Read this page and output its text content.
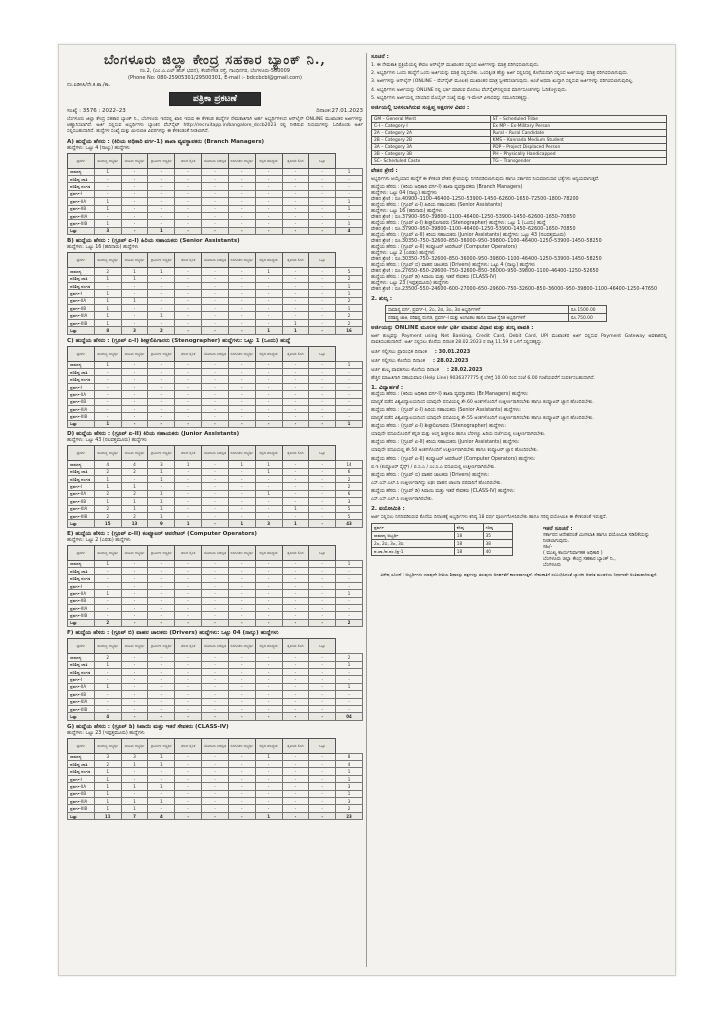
ಬೆಂಗಳೂರು ಜಿಲ್ಲಾ ಕೇಂದ್ರ ಸಹಕಾರ ಬ್ಯಾಂಕ್ ನಿ.,
ನಂ.2, (ಎಂ.ಎ.ಎಲ್ ಹೆಚ್ ಭವನ), ಕೆಂಪೇಗೌಡ ರಸ್ತೆ, ಗಾಂಧಿನಗರ, ಬೆಂಗಳೂರು-560009
(Phone No: 080-25905301/29500301, E-mail :- bdccbcbl@gmail.com)
ನಂ.ಐಡಿಸಿಸಿ/ನೇ.ಕ.ಶಾ./ಕಾ.
ಪತ್ರಿಕಾ ಪ್ರಕಟಣೆ
ಸಂಖ್ಯೆ : 3576 : 2022–23	ದಿನಾಂಕ:27.01.2023
ಬೆಂಗಳೂರು ಜಿಲ್ಲಾ ಕೇಂದ್ರ ಸಹಕಾರ ಬ್ಯಾಂಕ್ ನಿ., ಬೆಂಗಳೂರು ಇದರಲ್ಲಿ ಖಾಲಿ ಇರುವ ಈ ಕೆಳಕಂಡ ಹುದ್ದೆಗಳ ನೇಮಕಾತಿಗಾಗಿ ಅರ್ಹ ಅಭ್ಯರ್ಥಿಗಳಿಂದ ಆನ್‌ಲೈನ್ ONLINE ಮುಖಾಂತರ ಅರ್ಜಿಗಳನ್ನು ಆಹ್ವಾನಿಸಲಾಗಿದೆ. ಅರ್ಜಿ ಸಲ್ಲಿಸುವ ಅಭ್ಯರ್ಥಿಗಳು ಬ್ಯಾಂಕಿನ ವೆಬ್‌ಸೈಟ್ http://recruitapp.in/bangalore_dccb2023 ರಲ್ಲಿ ನೀಡಿರುವ ನಿಯಮಗಳನ್ನು ಓದಿಕೊಂಡು ಅರ್ಜಿ ಸಲ್ಲಿಸಬಹುದಾಗಿದೆ. ಹುದ್ದೆಗಳ ಸಂಖ್ಯೆ ಮತ್ತು ಮೀಸಲಾತಿ ವಿವರಗಳನ್ನು ಈ ಕೆಳಕಂಡಂತೆ ನೀಡಲಾಗಿದೆ.
A) ಹುದ್ದೆಯ ಹೆಸರು : (ಕಿರಿಯ ಅಧಿಕಾರಿ ವರ್ಗ-1) ಶಾಖಾ ವ್ಯವಸ್ಥಾಪಕರು (Branch Managers)
ಹುದ್ದೆಗಳು: ಒಟ್ಟು 4 (ನಾಲ್ಕು) ಹುದ್ದೆಗಳು
ಪ್ರವರ್ಗ	ಸಾಮಾನ್ಯ ಅಭ್ಯರ್ಥಿ	ಮಹಿಳಾ ಅಭ್ಯರ್ಥಿ	ಗ್ರಾಮೀಣ ಅಭ್ಯರ್ಥಿ	ಮಾಜಿ ಸೈನಿಕ	ಯೋಜನಾ ನಿರಾಶ್ರಿತ	ಅಂಗವಿಕಲ ಅಭ್ಯರ್ಥಿ	ಕನ್ನಡ ಮಾಧ್ಯಮ	ತೃತೀಯ ಲಿಂಗಿ	ಒಟ್ಟು	
ಸಾಮಾನ್ಯ	1	-	-	-	-	-	-	-	-	1
ಪರಿಶಿಷ್ಟ ಜಾತಿ	-	-	-	-	-	-	-	-	-	-
ಪರಿಶಿಷ್ಟ ಪಂಗಡ	-	-	-	-	-	-	-	-	-	-
ಪ್ರವರ್ಗ-I	-	-	-	-	-	-	-	-	-	-
ಪ್ರವರ್ಗ-IIA	1	-	-	-	-	-	-	-	-	1
ಪ್ರವರ್ಗ-IIB	1	-	-	-	-	-	-	-	-	1
ಪ್ರವರ್ಗ-IIIA	-	-	-	-	-	-	-	-	-	-
ಪ್ರವರ್ಗ-IIIB	1	-	-	-	-	-	-	-	-	1
ಒಟ್ಟು	3	-	1	-	-	-	-	-	-	4
B) ಹುದ್ದೆಯ ಹೆಸರು : (ಗ್ರೂಪ್ ಏ-I) ಹಿರಿಯ ಸಹಾಯಕರು (Senior Assistants)
ಹುದ್ದೆಗಳು: ಒಟ್ಟು 16 (ಹದಿನಾರು) ಹುದ್ದೆಗಳು
ಪ್ರವರ್ಗ	ಸಾಮಾನ್ಯ ಅಭ್ಯರ್ಥಿ	ಮಹಿಳಾ ಅಭ್ಯರ್ಥಿ	ಗ್ರಾಮೀಣ ಅಭ್ಯರ್ಥಿ	ಮಾಜಿ ಸೈನಿಕ	ಯೋಜನಾ ನಿರಾಶ್ರಿತ	ಅಂಗವಿಕಲ ಅಭ್ಯರ್ಥಿ	ಕನ್ನಡ ಮಾಧ್ಯಮ	ತೃತೀಯ ಲಿಂಗಿ	ಒಟ್ಟು	
ಸಾಮಾನ್ಯ	2	1	1	-	-	-	1	-	-	5
ಪರಿಶಿಷ್ಟ ಜಾತಿ	1	1	-	-	-	-	-	-	-	2
ಪರಿಶಿಷ್ಟ ಪಂಗಡ	-	-	-	-	-	-	-	-	-	1
ಪ್ರವರ್ಗ-I	1	-	-	-	-	-	-	-	-	1
ಪ್ರವರ್ಗ-IIA	1	1	-	-	-	-	-	-	-	2
ಪ್ರವರ್ಗ-IIB	1	-	-	-	-	-	-	-	-	1
ಪ್ರವರ್ಗ-IIIA	1	-	1	-	-	-	-	-	-	2
ಪ್ರವರ್ಗ-IIIB	1	-	-	-	-	-	-	1	-	2
ಒಟ್ಟು	8	3	2	-	-	-	1	1	-	16
C) ಹುದ್ದೆಯ ಹೆಸರು : (ಗ್ರೂಪ್ ಏ-I) ಶೀಘ್ರಲಿಪಿಗಾರರು (Stenographer) ಹುದ್ದೆಗಳು: ಒಟ್ಟು 1 (ಒಂದು) ಹುದ್ದೆ
ಪ್ರವರ್ಗ	ಸಾಮಾನ್ಯ ಅಭ್ಯರ್ಥಿ	ಮಹಿಳಾ ಅಭ್ಯರ್ಥಿ	ಗ್ರಾಮೀಣ ಅಭ್ಯರ್ಥಿ	ಮಾಜಿ ಸೈನಿಕ	ಯೋಜನಾ ನಿರಾಶ್ರಿತ	ಅಂಗವಿಕಲ ಅಭ್ಯರ್ಥಿ	ಕನ್ನಡ ಮಾಧ್ಯಮ	ತೃತೀಯ ಲಿಂಗಿ	ಒಟ್ಟು	
ಸಾಮಾನ್ಯ	1	-	-	-	-	-	-	-	-	1
ಪರಿಶಿಷ್ಟ ಜಾತಿ	-	-	-	-	-	-	-	-	-	-
ಪರಿಶಿಷ್ಟ ಪಂಗಡ	-	-	-	-	-	-	-	-	-	-
ಪ್ರವರ್ಗ-I	-	-	-	-	-	-	-	-	-	-
ಪ್ರವರ್ಗ-IIA	-	-	-	-	-	-	-	-	-	-
ಪ್ರವರ್ಗ-IIB	-	-	-	-	-	-	-	-	-	-
ಪ್ರವರ್ಗ-IIIA	-	-	-	-	-	-	-	-	-	-
ಪ್ರವರ್ಗ-IIIB	-	-	-	-	-	-	-	-	-	-
ಒಟ್ಟು	1	-	-	-	-	-	-	-	-	1
D) ಹುದ್ದೆಯ ಹೆಸರು : (ಗ್ರೂಪ್ ಏ-II) ಕಿರಿಯ ಸಹಾಯಕರು (Junior Assistants)
ಹುದ್ದೆಗಳು: ಒಟ್ಟು 43 (ನಲವತ್ತಮೂರು) ಹುದ್ದೆಗಳು
ಪ್ರವರ್ಗ	ಸಾಮಾನ್ಯ ಅಭ್ಯರ್ಥಿ	ಮಹಿಳಾ ಅಭ್ಯರ್ಥಿ	ಗ್ರಾಮೀಣ ಅಭ್ಯರ್ಥಿ	ಮಾಜಿ ಸೈನಿಕ	ಯೋಜನಾ ನಿರಾಶ್ರಿತ	ಅಂಗವಿಕಲ ಅಭ್ಯರ್ಥಿ	ಕನ್ನಡ ಮಾಧ್ಯಮ	ತೃತೀಯ ಲಿಂಗಿ	ಒಟ್ಟು	
ಸಾಮಾನ್ಯ	4	4	3	1	-	1	1	-	-	14
ಪರಿಶಿಷ್ಟ ಜಾತಿ	2	2	1	-	-	-	1	-	-	6
ಪರಿಶಿಷ್ಟ ಪಂಗಡ	1	-	1	-	-	-	-	-	-	2
ಪ್ರವರ್ಗ-I	1	1	-	-	-	-	-	-	-	2
ಪ್ರವರ್ಗ-IIA	2	2	1	-	-	-	1	-	-	6
ಪ್ರವರ್ಗ-IIB	1	1	1	-	-	-	-	-	-	3
ಪ್ರವರ್ಗ-IIIA	2	1	1	-	-	-	-	1	-	5
ಪ್ರವರ್ಗ-IIIB	2	2	1	-	-	-	-	-	-	5
ಒಟ್ಟು	15	13	9	1	-	1	3	1	-	43
E) ಹುದ್ದೆಯ ಹೆಸರು : (ಗ್ರೂಪ್ ಏ-II) ಕಂಪ್ಯೂಟರ್ ಆಪರೇಟರ್ (Computer Operators)
ಹುದ್ದೆಗಳು: ಒಟ್ಟು 2 (ಎರಡು) ಹುದ್ದೆಗಳು
ಪ್ರವರ್ಗ	ಸಾಮಾನ್ಯ ಅಭ್ಯರ್ಥಿ	ಮಹಿಳಾ ಅಭ್ಯರ್ಥಿ	ಗ್ರಾಮೀಣ ಅಭ್ಯರ್ಥಿ	ಮಾಜಿ ಸೈನಿಕ	ಯೋಜನಾ ನಿರಾಶ್ರಿತ	ಅಂಗವಿಕಲ ಅಭ್ಯರ್ಥಿ	ಕನ್ನಡ ಮಾಧ್ಯಮ	ತೃತೀಯ ಲಿಂಗಿ	ಒಟ್ಟು	
ಸಾಮಾನ್ಯ	1	-	-	-	-	-	-	-	-	1
ಪರಿಶಿಷ್ಟ ಜಾತಿ	-	-	-	-	-	-	-	-	-	-
ಪರಿಶಿಷ್ಟ ಪಂಗಡ	-	-	-	-	-	-	-	-	-	-
ಪ್ರವರ್ಗ-I	-	-	-	-	-	-	-	-	-	-
ಪ್ರವರ್ಗ-IIA	1	-	-	-	-	-	-	-	-	1
ಪ್ರವರ್ಗ-IIB	-	-	-	-	-	-	-	-	-	-
ಪ್ರವರ್ಗ-IIIA	-	-	-	-	-	-	-	-	-	-
ಪ್ರವರ್ಗ-IIIB	-	-	-	-	-	-	-	-	-	-
ಒಟ್ಟು	2	-	-	-	-	-	-	-	-	2
F) ಹುದ್ದೆಯ ಹೆಸರು : (ಗ್ರೂಪ್ ಬಿ) ವಾಹನ ಚಾಲಕರು (Drivers) ಹುದ್ದೆಗಳು: ಒಟ್ಟು 04 (ನಾಲ್ಕು) ಹುದ್ದೆಗಳು
ಪ್ರವರ್ಗ	ಸಾಮಾನ್ಯ ಅಭ್ಯರ್ಥಿ	ಮಹಿಳಾ ಅಭ್ಯರ್ಥಿ	ಗ್ರಾಮೀಣ ಅಭ್ಯರ್ಥಿ	ಮಾಜಿ ಸೈನಿಕ	ಯೋಜನಾ ನಿರಾಶ್ರಿತ	ಅಂಗವಿಕಲ ಅಭ್ಯರ್ಥಿ	ಕನ್ನಡ ಮಾಧ್ಯಮ	ತೃತೀಯ ಲಿಂಗಿ	ಒಟ್ಟು	
ಸಾಮಾನ್ಯ	2	-	-	-	-	-	-	-	-	2
ಪರಿಶಿಷ್ಟ ಜಾತಿ	1	-	-	-	-	-	-	-	-	1
ಪರಿಶಿಷ್ಟ ಪಂಗಡ	-	-	-	-	-	-	-	-	-	-
ಪ್ರವರ್ಗ-I	-	-	-	-	-	-	-	-	-	-
ಪ್ರವರ್ಗ-IIA	1	-	-	-	-	-	-	-	-	1
ಪ್ರವರ್ಗ-IIB	-	-	-	-	-	-	-	-	-	-
ಪ್ರವರ್ಗ-IIIA	-	-	-	-	-	-	-	-	-	-
ಪ್ರವರ್ಗ-IIIB	-	-	-	-	-	-	-	-	-	-
ಒಟ್ಟು	4	-	-	-	-	-	-	-	-	04
G) ಹುದ್ದೆಯ ಹೆಸರು : (ಗ್ರೂಪ್ ಡಿ) ಸಿಪಾಯಿ ಮತ್ತು ಇತರೆ ಸೇವಕರು (CLASS-IV)
ಹುದ್ದೆಗಳು: ಒಟ್ಟು 23 (ಇಪ್ಪತ್ತಮೂರು) ಹುದ್ದೆಗಳು
ಪ್ರವರ್ಗ	ಸಾಮಾನ್ಯ ಅಭ್ಯರ್ಥಿ	ಮಹಿಳಾ ಅಭ್ಯರ್ಥಿ	ಗ್ರಾಮೀಣ ಅಭ್ಯರ್ಥಿ	ಮಾಜಿ ಸೈನಿಕ	ಯೋಜನಾ ನಿರಾಶ್ರಿತ	ಅಂಗವಿಕಲ ಅಭ್ಯರ್ಥಿ	ಕನ್ನಡ ಮಾಧ್ಯಮ	ತೃತೀಯ ಲಿಂಗಿ	ಒಟ್ಟು	
ಸಾಮಾನ್ಯ	3	3	1	-	-	-	1	-	-	8
ಪರಿಶಿಷ್ಟ ಜಾತಿ	2	1	1	-	-	-	-	-	-	4
ಪರಿಶಿಷ್ಟ ಪಂಗಡ	1	-	-	-	-	-	-	-	-	1
ಪ್ರವರ್ಗ-I	1	-	-	-	-	-	-	-	-	1
ಪ್ರವರ್ಗ-IIA	1	1	1	-	-	-	-	-	-	3
ಪ್ರವರ್ಗ-IIB	1	-	-	-	-	-	-	-	-	1
ಪ್ರವರ್ಗ-IIIA	1	1	1	-	-	-	-	-	-	3
ಪ್ರವರ್ಗ-IIIB	1	1	-	-	-	-	-	-	-	2
ಒಟ್ಟು	11	7	4	-	-	-	1	-	-	23
ಸೂಚನೆ :
1. ಈ ನೇಮಕಾತಿ ಪ್ರಕ್ರಿಯೆಯಲ್ಲಿ ಕೇವಲ ಆನ್‌ಲೈನ್ ಮುಖಾಂತರ ಸಲ್ಲಿಸಿದ ಅರ್ಜಿಗಳನ್ನು ಮಾತ್ರ ಪರಿಗಣಿಸಲಾಗುವುದು.
2. ಅಭ್ಯರ್ಥಿಗಳು ಒಂದು ಹುದ್ದೆಗೆ ಒಂದು ಅರ್ಜಿಯನ್ನು ಮಾತ್ರ ಸಲ್ಲಿಸಬೇಕು. ಒಂದಕ್ಕಿಂತ ಹೆಚ್ಚು ಅರ್ಜಿ ಸಲ್ಲಿಸಿದಲ್ಲಿ ಕೊನೆಯದಾಗಿ ಸಲ್ಲಿಸಿದ ಅರ್ಜಿಯನ್ನು ಮಾತ್ರ ಪರಿಗಣಿಸಲಾಗುವುದು.
3. ಅರ್ಜಿಗಳನ್ನು ಆನ್‌ಲೈನ್ (ONLINE – ವೆಬ್‌ಸೈಟ್ ಮೂಲಕ) ಮುಖಾಂತರ ಮಾತ್ರ ಸ್ವೀಕರಿಸಲಾಗುವುದು. ಅಂಚೆ ಅಥವಾ ಖುದ್ದಾಗಿ ಸಲ್ಲಿಸುವ ಅರ್ಜಿಗಳನ್ನು ಪರಿಗಣಿಸಲಾಗುವುದಿಲ್ಲ.
4. ಅಭ್ಯರ್ಥಿಗಳು ಅರ್ಜಿಯನ್ನು ONLINE ನಲ್ಲಿ ಭರ್ತಿ ಮಾಡುವ ಮೊದಲು ವೆಬ್‌ಸೈಟ್‌ನಲ್ಲಿರುವ ಮಾರ್ಗಸೂಚಿಗಳನ್ನು ಓದಿಕೊಳ್ಳುವುದು.
5. ಅಭ್ಯರ್ಥಿಗಳು ಅರ್ಜಿಯಲ್ಲಿ ಸರಿಯಾದ ಮೊಬೈಲ್ ಸಂಖ್ಯೆ ಮತ್ತು ಇ-ಮೇಲ್ ವಿಳಾಸವನ್ನು ನಮೂದಿಸತಕ್ಕದ್ದು.
ಅರ್ಜಿಯಲ್ಲಿ ಬಳಸಲಾಗಿರುವ ಸಂಕ್ಷಿಪ್ತ ಅಕ್ಷರಗಳ ವಿವರ :
GM – General Merit	ST – Scheduled Tribe
C-I – Category I	Ex MP – Ex-Military Person
2A – Category 2A	Rural – Rural Candidate
2B – Category 2B	KMS – Kannada Medium Student
3A – Category 3A	PDP – Project Displaced Person
3B – Category 3B	PH – Physically Handicapped
SC– Scheduled Caste	TG – Transgender
ವೇತನ ಶ್ರೇಣಿ :
ಅಭ್ಯರ್ಥಿಗಳು ಆಯ್ಕೆಯಾದ ಹುದ್ದೆಗೆ ಈ ಕೆಳಕಂಡ ವೇತನ ಶ್ರೇಣಿಯನ್ನು ನಿಗದಿಪಡಿಸಲಾಗುವುದು ಹಾಗೂ ಸರ್ಕಾರದ ನಿಯಮಾನುಸಾರ ಭತ್ಯೆಗಳು ಅನ್ವಯವಾಗುತ್ತವೆ.
ಹುದ್ದೆಯ ಹೆಸರು : (ಕಿರಿಯ ಅಧಿಕಾರಿ ವರ್ಗ-I) ಶಾಖಾ ವ್ಯವಸ್ಥಾಪಕರು (Branch Managers)
ಹುದ್ದೆಗಳು: ಒಟ್ಟು 04 (ನಾಲ್ಕು) ಹುದ್ದೆಗಳು
ವೇತನ ಶ್ರೇಣಿ : ರೂ.40900–1100–46400–1250–53900–1450–62600–1650–72500–1800–78200
ಹುದ್ದೆಯ ಹೆಸರು : (ಗ್ರೂಪ್ ಏ-I) ಹಿರಿಯ ಸಹಾಯಕರು (Senior Assistants)
ಹುದ್ದೆಗಳು: ಒಟ್ಟು 16 (ಹದಿನಾರು) ಹುದ್ದೆಗಳು
ವೇತನ ಶ್ರೇಣಿ : ರೂ.37900–950–39800–1100–46400–1250–53900–1450–62600–1650–70850
ಹುದ್ದೆಯ ಹೆಸರು : (ಗ್ರೂಪ್ ಏ-I) ಶೀಘ್ರಲಿಪಿಗಾರರು (Stenographer) ಹುದ್ದೆಗಳು: ಒಟ್ಟು 1 (ಒಂದು) ಹುದ್ದೆ
ವೇತನ ಶ್ರೇಣಿ : ರೂ.37900–950–39800–1100–46400–1250–53900–1450–62600–1650–70850
ಹುದ್ದೆಯ ಹೆಸರು : (ಗ್ರೂಪ್ ಏ-II) ಕಿರಿಯ ಸಹಾಯಕರು (Junior Assistants) ಹುದ್ದೆಗಳು: ಒಟ್ಟು 43 (ನಲವತ್ತಮೂರು)
ವೇತನ ಶ್ರೇಣಿ : ರೂ.30350–750–32600–850–36000–950–39800–1100–46400–1250–53900–1450–58250
ಹುದ್ದೆಯ ಹೆಸರು : (ಗ್ರೂಪ್ ಏ-II) ಕಂಪ್ಯೂಟರ್ ಆಪರೇಟರ್ (Computer Operators)
ಹುದ್ದೆಗಳು: ಒಟ್ಟು 2 (ಎರಡು) ಹುದ್ದೆಗಳು
ವೇತನ ಶ್ರೇಣಿ : ರೂ.30350–750–32600–850–36000–950–39800–1100–46400–1250–53900–1450–58250
ಹುದ್ದೆಯ ಹೆಸರು : (ಗ್ರೂಪ್ ಬಿ) ವಾಹನ ಚಾಲಕರು (Drivers) ಹುದ್ದೆಗಳು: ಒಟ್ಟು 4 (ನಾಲ್ಕು) ಹುದ್ದೆಗಳು
ವೇತನ ಶ್ರೇಣಿ : ರೂ.27650–650–29600–750–32600–850–36000–950–39800–1100–46400–1250–52650
ಹುದ್ದೆಯ ಹೆಸರು : (ಗ್ರೂಪ್ ಡಿ) ಸಿಪಾಯಿ ಮತ್ತು ಇತರೆ ಸೇವಕರು (CLASS-IV)
ಹುದ್ದೆಗಳು: ಒಟ್ಟು 23 (ಇಪ್ಪತ್ತಮೂರು) ಹುದ್ದೆಗಳು
ವೇತನ ಶ್ರೇಣಿ : ರೂ.23500–550–24600–600–27000–650–29600–750–32600–850–36000–950–39800–1100–46400–1250–47650
2. ಶುಲ್ಕ :
ಸಾಮಾನ್ಯ ವರ್ಗ, ಪ್ರವರ್ಗ–I, 2ಎ, 2ಬಿ, 3ಎ, 3ಬಿ ಅಭ್ಯರ್ಥಿಗಳಿಗೆ	ರೂ.1500.00
ಪರಿಶಿಷ್ಟ ಜಾತಿ, ಪರಿಶಿಷ್ಟ ಪಂಗಡ, ಪ್ರವರ್ಗ–I ಮತ್ತು ಅಂಗವಿಕಲ ಹಾಗೂ ಮಾಜಿ ಸೈನಿಕ ಅಭ್ಯರ್ಥಿಗಳಿಗೆ	ರೂ.750.00
ಅರ್ಜಿಯನ್ನು ONLINE ಮೂಲಕ ಅರ್ಜಿ ಭರ್ತಿ ಮಾಡುವ ವಿಧಾನ ಮತ್ತು ಶುಲ್ಕ ಪಾವತಿ :
ಅರ್ಜಿ ಶುಲ್ಕವನ್ನು Payment using Net Banking, Credit Card, Debit Card, UPI ಮುಖಾಂತರ ಅರ್ಜಿ ಸಲ್ಲಿಸುವ Payment Gateway ಅವಕಾಶದಲ್ಲಿ ಪಾವತಿಸಬಹುದಾಗಿದೆ. ಅರ್ಜಿ ಸಲ್ಲಿಸಲು ಕೊನೆಯ ದಿನಾಂಕ 28.02.2023 ರ ರಾತ್ರಿ 11.59 ರ ಒಳಗೆ ಸಲ್ಲಿಸತಕ್ಕದ್ದು.
ಅರ್ಜಿ ಸಲ್ಲಿಸಲು ಪ್ರಾರಂಭಿಕ ದಿನಾಂಕ : 30.01.2023
ಅರ್ಜಿ ಸಲ್ಲಿಸಲು ಕೊನೆಯ ದಿನಾಂಕ : 28.02.2023
ಅರ್ಜಿ ಶುಲ್ಕ ಪಾವತಿಸಲು ಕೊನೆಯ ದಿನಾಂಕ : 28.02.2023
ಹೆಚ್ಚಿನ ಮಾಹಿತಿಗಾಗಿ ಸಹಾಯವಾಣಿ (Help Line) 9036377775 ಕ್ಕೆ ಬೆಳಿಗ್ಗೆ 10.00 ರಿಂದ ಸಂಜೆ 6.00 ಗಂಟೆಯವರೆಗೆ ಸಂಪರ್ಕಿಸಬಹುದಾಗಿದೆ.
1. ವಿದ್ಯಾರ್ಹತೆ :
ಹುದ್ದೆಯ ಹೆಸರು : (ಕಿರಿಯ ಅಧಿಕಾರಿ ವರ್ಗ-I) ಶಾಖಾ ವ್ಯವಸ್ಥಾಪಕರು (Br.Managers) ಹುದ್ದೆಗಳು:
ಮಾನ್ಯತೆ ಪಡೆದ ವಿಶ್ವವಿದ್ಯಾಲಯದಿಂದ ಯಾವುದೇ ಪದವಿಯಲ್ಲಿ ಶೇ.60 ಅಂಕಗಳೊಂದಿಗೆ ಉತ್ತೀರ್ಣರಾಗಿರಬೇಕು ಹಾಗೂ ಕಂಪ್ಯೂಟರ್ ಜ್ಞಾನ ಹೊಂದಿರಬೇಕು.
ಹುದ್ದೆಯ ಹೆಸರು : (ಗ್ರೂಪ್ ಏ-I) ಹಿರಿಯ ಸಹಾಯಕರು (Senior Assistants) ಹುದ್ದೆಗಳು:
ಮಾನ್ಯತೆ ಪಡೆದ ವಿಶ್ವವಿದ್ಯಾಲಯದಿಂದ ಯಾವುದೇ ಪದವಿಯಲ್ಲಿ ಶೇ.55 ಅಂಕಗಳೊಂದಿಗೆ ಉತ್ತೀರ್ಣರಾಗಿರಬೇಕು ಹಾಗೂ ಕಂಪ್ಯೂಟರ್ ಜ್ಞಾನ ಹೊಂದಿರಬೇಕು.
ಹುದ್ದೆಯ ಹೆಸರು : (ಗ್ರೂಪ್ ಏ-I) ಶೀಘ್ರಲಿಪಿಗಾರರು (Stenographer) ಹುದ್ದೆಗಳು:
ಯಾವುದೇ ಪದವಿಯೊಂದಿಗೆ ಕನ್ನಡ ಮತ್ತು ಆಂಗ್ಲ ಶೀಘ್ರಲಿಪಿ ಹಾಗೂ ಬೆರಳಚ್ಚು ಹಿರಿಯ ದರ್ಜೆಯಲ್ಲಿ ಉತ್ತೀರ್ಣರಾಗಿರಬೇಕು.
ಹುದ್ದೆಯ ಹೆಸರು : (ಗ್ರೂಪ್ ಏ-II) ಕಿರಿಯ ಸಹಾಯಕರು (Junior Assistants) ಹುದ್ದೆಗಳು:
ಯಾವುದೇ ಪದವಿಯಲ್ಲಿ ಶೇ.50 ಅಂಕಗಳೊಂದಿಗೆ ಉತ್ತೀರ್ಣರಾಗಿರಬೇಕು ಹಾಗೂ ಕಂಪ್ಯೂಟರ್ ಜ್ಞಾನ ಹೊಂದಿರಬೇಕು.
ಹುದ್ದೆಯ ಹೆಸರು : (ಗ್ರೂಪ್ ಏ-II) ಕಂಪ್ಯೂಟರ್ ಆಪರೇಟರ್ (Computer Operators) ಹುದ್ದೆಗಳು:
ಬಿ.ಇ (ಕಂಪ್ಯೂಟರ್ ಸೈನ್ಸ್) / ಬಿ.ಸಿ.ಎ / ಎಂ.ಸಿ.ಎ ಪದವಿಯಲ್ಲಿ ಉತ್ತೀರ್ಣರಾಗಿರಬೇಕು.
ಹುದ್ದೆಯ ಹೆಸರು : (ಗ್ರೂಪ್ ಬಿ) ವಾಹನ ಚಾಲಕರು (Drivers) ಹುದ್ದೆಗಳು:
ಎಸ್.ಎಸ್.ಎಲ್.ಸಿ ಉತ್ತೀರ್ಣರಾಗಿದ್ದು ಲಘು ವಾಹನ ಚಾಲನಾ ಪರವಾನಿಗೆ ಹೊಂದಿರಬೇಕು.
ಹುದ್ದೆಯ ಹೆಸರು : (ಗ್ರೂಪ್ ಡಿ) ಸಿಪಾಯಿ ಮತ್ತು ಇತರೆ ಸೇವಕರು (CLASS-IV) ಹುದ್ದೆಗಳು:
ಎಸ್.ಎಸ್.ಎಲ್.ಸಿ ಉತ್ತೀರ್ಣರಾಗಿರಬೇಕು.
2. ವಯೋಮಿತಿ :
ಅರ್ಜಿ ಸಲ್ಲಿಸಲು ನಿಗದಿಪಡಿಸಿರುವ ಕೊನೆಯ ದಿನಾಂಕಕ್ಕೆ ಅಭ್ಯರ್ಥಿಗಳು ಕನಿಷ್ಠ 18 ವರ್ಷ ಪೂರ್ಣಗೊಳಿಸಿರಬೇಕು ಹಾಗೂ ಗರಿಷ್ಠ ವಯೋಮಿತಿ ಈ ಕೆಳಕಂಡಂತೆ ಇರುತ್ತದೆ.
ಪ್ರವರ್ಗ	ಕನಿಷ್ಠ	ಗರಿಷ್ಠ
ಸಾಮಾನ್ಯ ಅಭ್ಯರ್ಥಿ	18	35
2ಎ, 2ಬಿ, 3ಎ, 3ಬಿ	18	38
ಪ.ಜಾ./ಪ.ಪಂ./ಪ್ರ-1	18	40
ಇತರೆ ಸೂಚನೆ :
ಸರ್ಕಾರದ ಆದೇಶದಂತೆ ಮೀಸಲಾತಿ ಹಾಗೂ ವಯೋಮಿತಿ ಸಡಿಲಿಕೆಯನ್ನು ನೀಡಲಾಗುವುದು.
ಸಹಿ/-
( ಮುಖ್ಯ ಕಾರ್ಯನಿರ್ವಾಹಕ ಅಧಿಕಾರಿ )
ಬೆಂಗಳೂರು ಜಿಲ್ಲಾ ಕೇಂದ್ರ ಸಹಕಾರ ಬ್ಯಾಂಕ್ ನಿ.,
ಬೆಂಗಳೂರು
ವಿಶೇಷ ಸೂಚನೆ : ಅಭ್ಯರ್ಥಿಗಳು ಯಾವುದೇ ರೀತಿಯ ಶಿಫಾರಸ್ಸು ಪತ್ರಗಳನ್ನು ತರುವುದು ಅನರ್ಹತೆಗೆ ಕಾರಣವಾಗುತ್ತದೆ. ನೇಮಕಾತಿಗೆ ಸಂಬಂಧಿಸಿದಂತೆ ಬ್ಯಾಂಕಿನ ಆಡಳಿತ ಮಂಡಳಿಯ ನಿರ್ಧಾರವೇ ಅಂತಿಮವಾಗಿರುತ್ತದೆ.
